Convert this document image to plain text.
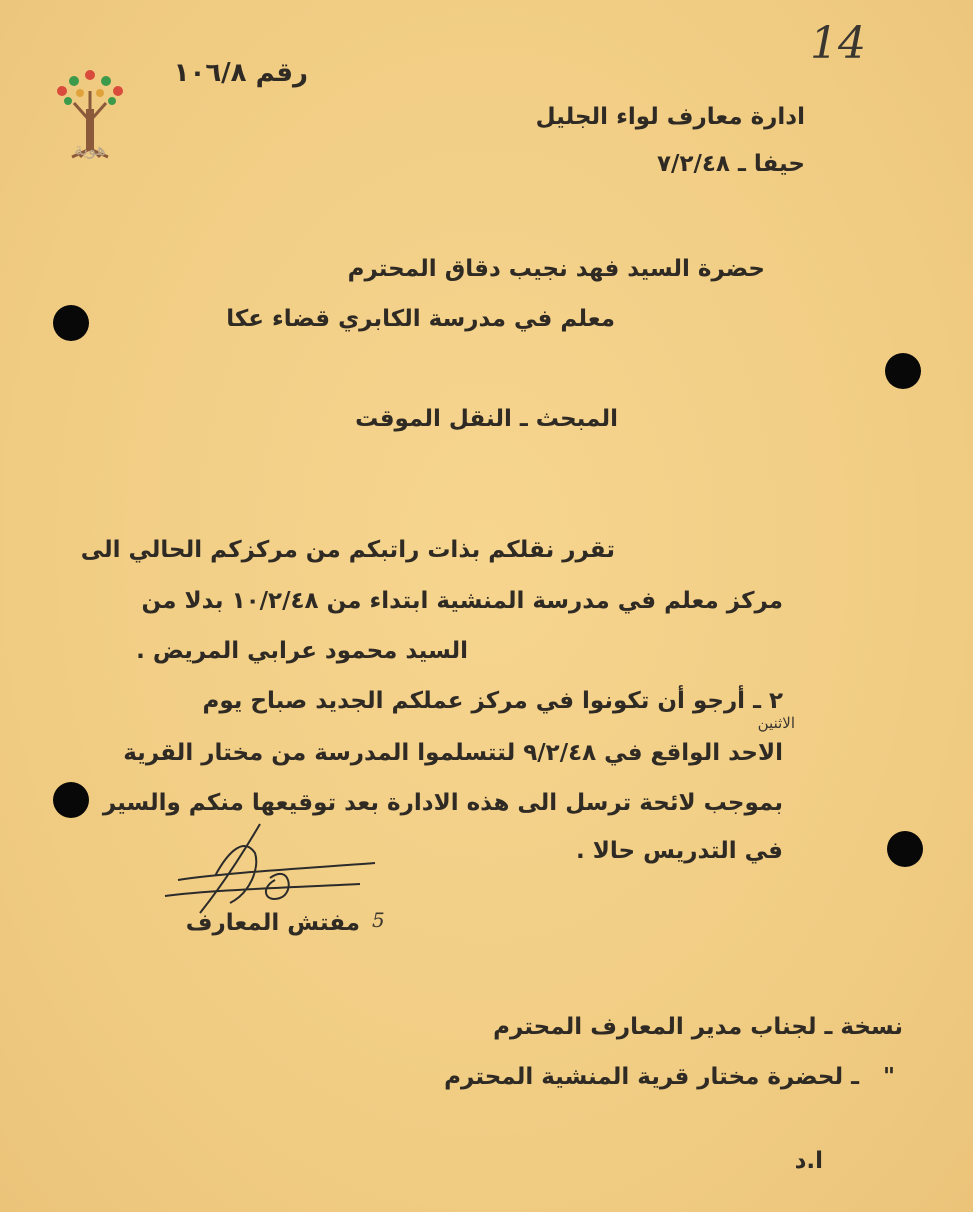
هوية
14
رقم ١٠٦/٨
ادارة معارف لواء الجليل
حيفا ـ ٧/٢/٤٨
حضرة السيد فهد نجيب دقاق المحترم
معلم في مدرسة الكابري قضاء عكا
المبحث ـ النقل الموقت
تقرر نقلكم بذات راتبكم من مركزكم الحالي الى
مركز معلم في مدرسة المنشية ابتداء من ١٠/٢/٤٨ بدلا من
السيد محمود عرابي المريض .
٢ ـ أرجو أن تكونوا في مركز عملكم الجديد صباح يوم
الاثنين
الاحد الواقع في ٩/٢/٤٨ لتتسلموا المدرسة من مختار القرية
بموجب لائحة ترسل الى هذه الادارة بعد توقيعها منكم والسير
في التدريس حالا .
5
مفتش المعارف
نسخة ـ لجناب مدير المعارف المحترم
"   ـ لحضرة مختار قرية المنشية المحترم
ا.د
